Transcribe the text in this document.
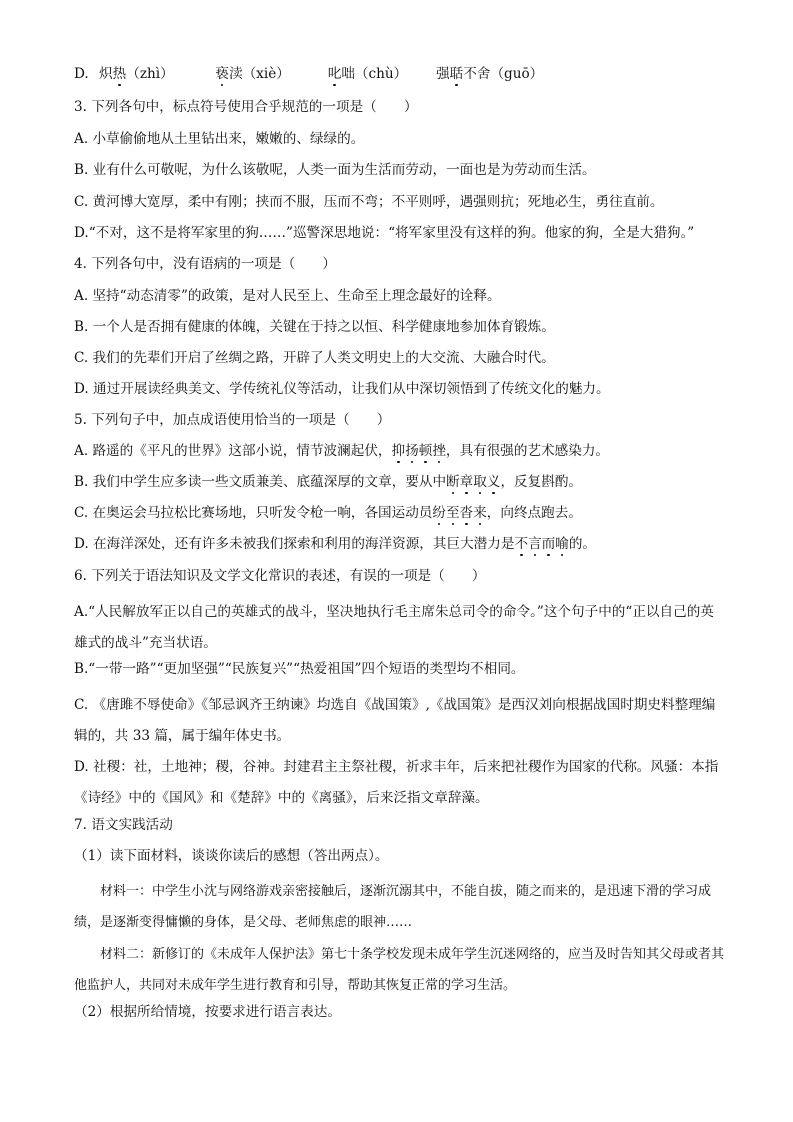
D. 炽热（zhì）	亵渎（xiè）	叱咄（chù） 强聒不舍（guō）
3. 下列各句中，标点符号使用合乎规范的一项是（　　）
A. 小草偷偷地从土里钻出来，嫩嫩的、绿绿的。
B. 业有什么可敬呢，为什么该敬呢，人类一面为生活而劳动，一面也是为劳动而生活。
C. 黄河博大宽厚，柔中有刚；挟而不服，压而不弯；不平则呼，遇强则抗；死地必生，勇往直前。
D.“不对，这不是将军家里的狗……”巡警深思地说：“将军家里没有这样的狗。他家的狗，全是大猎狗。”
4. 下列各句中，没有语病的一项是（　　）
A. 坚持“动态清零”的政策，是对人民至上、生命至上理念最好的诠释。
B. 一个人是否拥有健康的体魄，关键在于持之以恒、科学健康地参加体育锻炼。
C. 我们的先辈们开启了丝绸之路，开辟了人类文明史上的大交流、大融合时代。
D. 通过开展读经典美文、学传统礼仪等活动，让我们从中深切领悟到了传统文化的魅力。
5. 下列句子中，加点成语使用恰当的一项是（　　）
A. 路遥的《平凡的世界》这部小说，情节波澜起伏，抑扬顿挫，具有很强的艺术感染力。
B. 我们中学生应多读一些文质兼美、底蕴深厚的文章，要从中断章取义，反复斟酌。
C. 在奥运会马拉松比赛场地，只听发令枪一响，各国运动员纷至沓来，向终点跑去。
D. 在海洋深处，还有许多未被我们探索和利用的海洋资源，其巨大潜力是不言而喻的。
6. 下列关于语法知识及文学文化常识的表述，有误的一项是（　　）
A.“人民解放军正以自己的英雄式的战斗，坚决地执行毛主席朱总司令的命令。”这个句子中的“正以自己的英雄式的战斗”充当状语。
B.“一带一路”“更加坚强”“民族复兴”“热爱祖国”四个短语的类型均不相同。
C. 《唐雎不辱使命》《邹忌讽齐王纳谏》均选自《战国策》,《战国策》是西汉刘向根据战国时期史料整理编辑的，共 33 篇，属于编年体史书。
D. 社稷：社，土地神；稷，谷神。封建君主主祭社稷，祈求丰年，后来把社稷作为国家的代称。风骚：本指《诗经》中的《国风》和《楚辞》中的《离骚》，后来泛指文章辞藻。
7. 语文实践活动
（1）读下面材料，谈谈你读后的感想（答出两点）。
　　材料一：中学生小沈与网络游戏亲密接触后，逐渐沉溺其中，不能自拔，随之而来的，是迅速下滑的学习成绩，是逐渐变得慵懒的身体，是父母、老师焦虑的眼神……
　　材料二：新修订的《未成年人保护法》第七十条学校发现未成年学生沉迷网络的，应当及时告知其父母或者其他监护人，共同对未成年学生进行教育和引导，帮助其恢复正常的学习生活。
（2）根据所给情境，按要求进行语言表达。
